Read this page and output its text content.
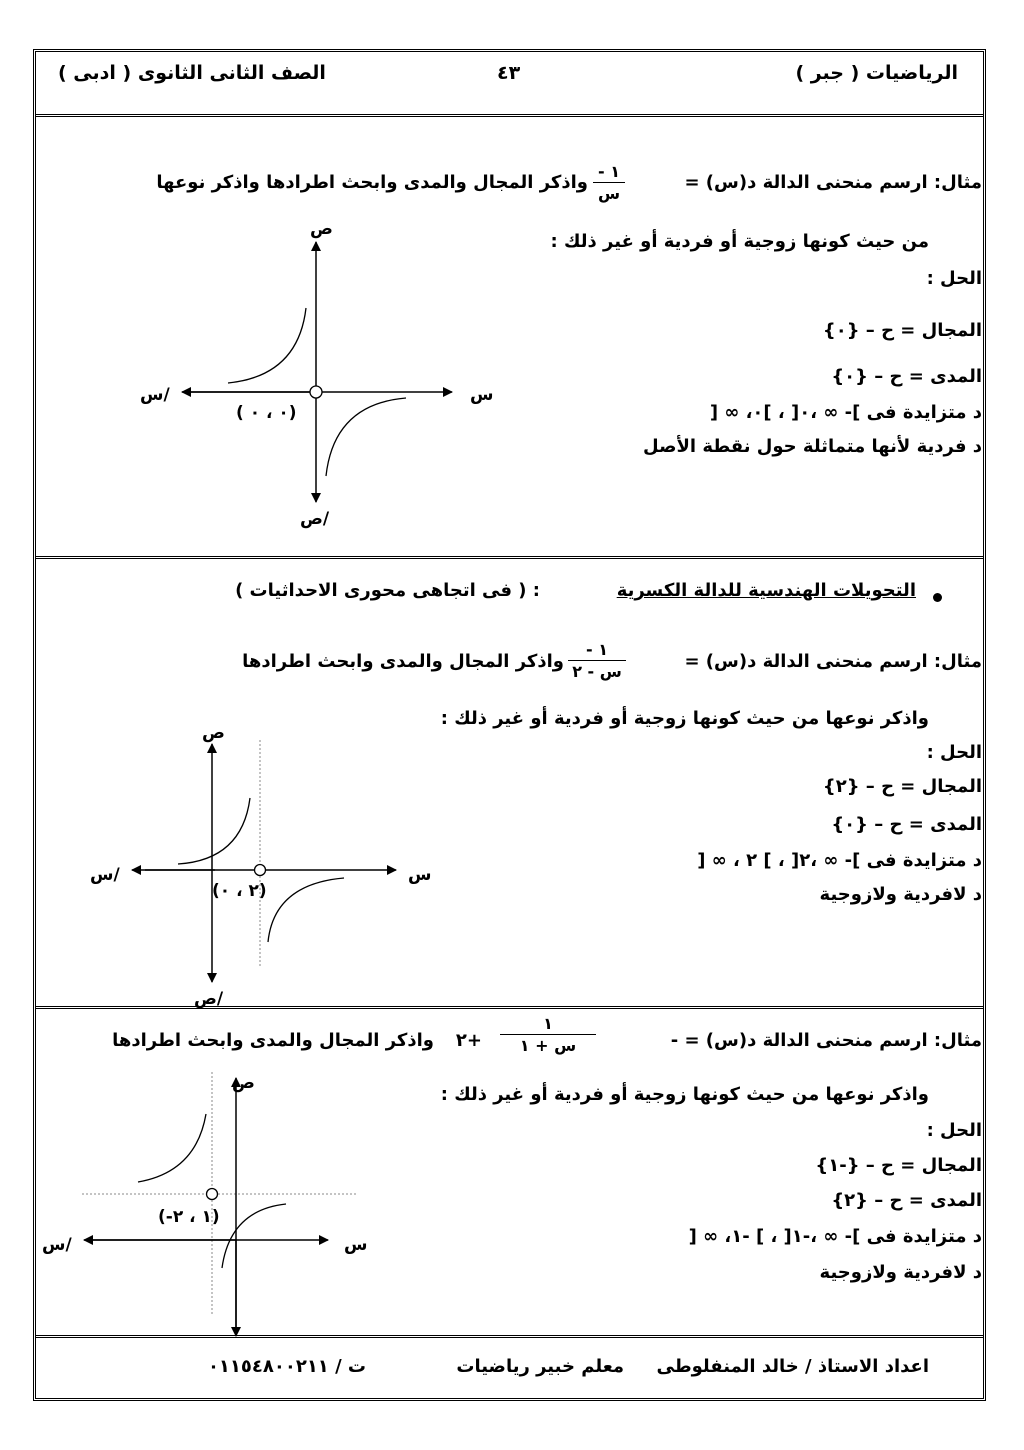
الرياضيات ( جبر )
٤٣
الصف الثانى الثانوى ( ادبى )
مثال: ارسم منحنى الدالة د(س) =
- ١
س
واذكر المجال والمدى وابحث اطرادها واذكر نوعها
من حيث كونها زوجية أو فردية أو غير ذلك :
الحل :
المجال = ح – {٠}
المدى = ح – {٠}
د متزايدة فى ]- ∞ ،٠[ ، ]٠، ∞ [
د فردية لأنها متماثلة حول نقطة الأصل
التحويلات الهندسية للدالة الكسرية
: ( فى اتجاهى محورى الاحداثيات )
مثال: ارسم منحنى الدالة د(س) =
- ١
س - ٢
واذكر المجال والمدى وابحث اطرادها
واذكر نوعها من حيث كونها زوجية أو فردية أو غير ذلك :
الحل :
المجال = ح – {٢}
المدى = ح – {٠}
د متزايدة فى ]- ∞ ،٢[ ، ] ٢ ، ∞ [
د لافردية ولازوجية
مثال: ارسم منحنى الدالة د(س) = -
١
س + ١
+٢
واذكر المجال والمدى وابحث اطرادها
واذكر نوعها من حيث كونها زوجية أو فردية أو غير ذلك :
الحل :
المجال = ح – {-١}
المدى = ح – {٢}
د متزايدة فى ]- ∞ ،-١[ ، ] -١، ∞ [
د لافردية ولازوجية
اعداد الاستاذ / خالد المنفلوطى
معلم خبير رياضيات
ت / ٠١١٥٤٨٠٠٢١١
ص
ص/
س
س/
( ٠ ، ٠)
ص
ص/
س
س/
(٢ ، ٠)
ص
س
س/
(-١ ، ٢)
